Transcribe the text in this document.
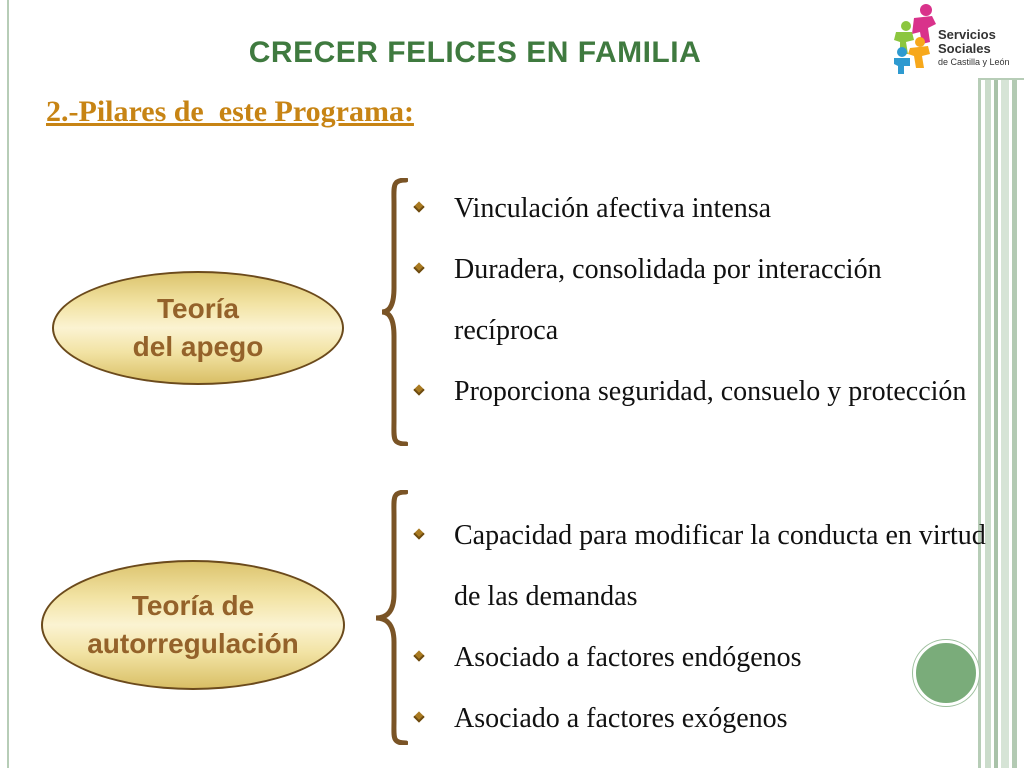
Servicios Sociales
de Castilla y León
CRECER FELICES EN FAMILIA
2.-Pilares de  este Programa:
Teoría
del apego
Vinculación afectiva intensa
Duradera, consolidada por interacción recíproca
Proporciona seguridad, consuelo y protección
Teoría de
autorregulación
Capacidad para modificar la conducta en virtud de las demandas
Asociado a factores endógenos
Asociado a factores exógenos
